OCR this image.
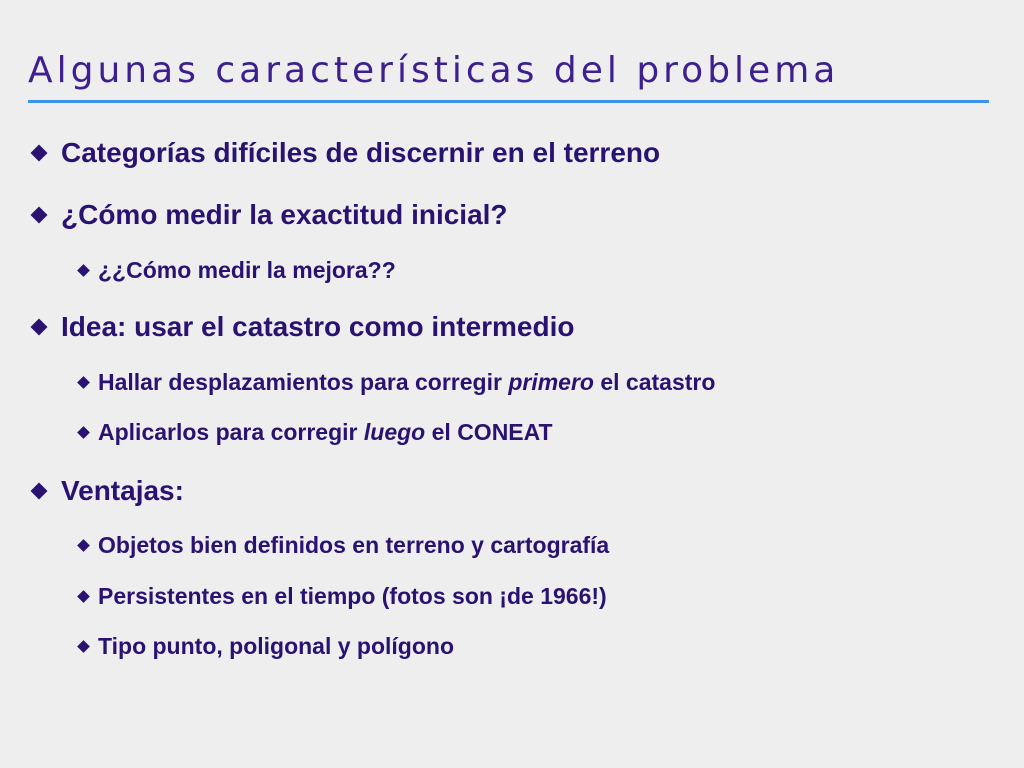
Algunas características del problema
Categorías difíciles de discernir en el terreno
¿Cómo medir la exactitud inicial?
¿¿Cómo medir la mejora??
Idea: usar el catastro como intermedio
Hallar desplazamientos para corregir primero el catastro
Aplicarlos para corregir luego el CONEAT
Ventajas:
Objetos bien definidos en terreno y cartografía
Persistentes en el tiempo (fotos son ¡de 1966!)
Tipo punto, poligonal y polígono
